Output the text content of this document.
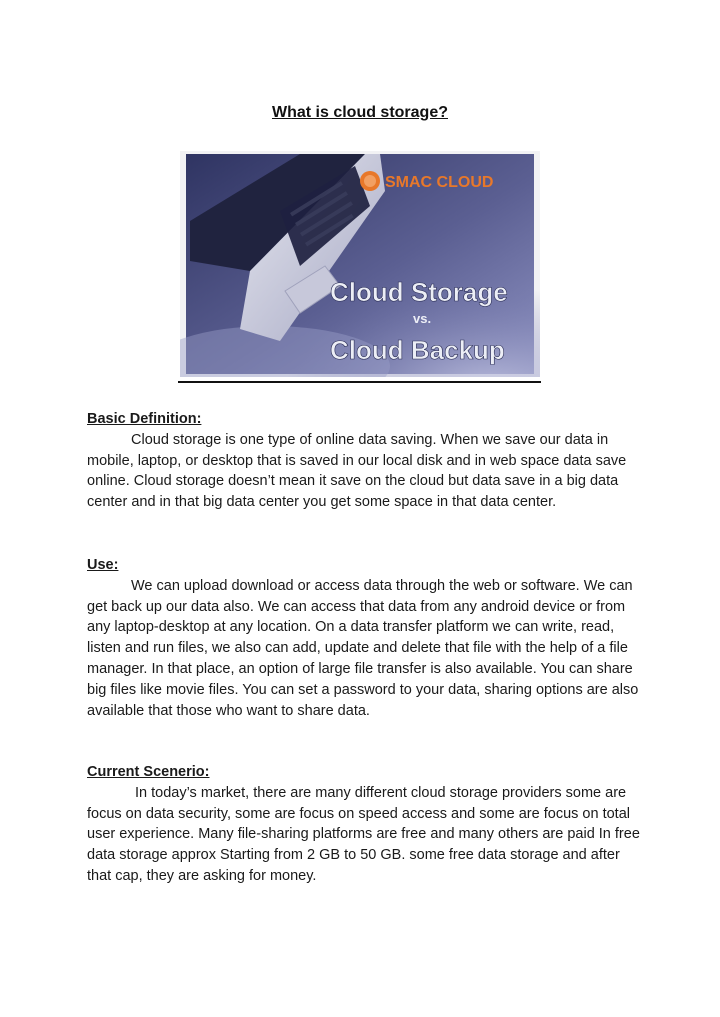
What is cloud storage?
SMAC CLOUD
Cloud Storage
vs.
Cloud Backup

Basic Definition:

Cloud storage is one type of online data saving. When we save our data in mobile, laptop, or desktop that is saved in our local disk and in web space data save online. Cloud storage doesn’t mean it save on the cloud but data save in a big data center and in that big data center you get some space in that data center.

Use:

We can upload download or access data through the web or software. We can get back up our data also. We can access that data from any android device or from any laptop-desktop at any location. On a data transfer platform we can write, read, listen and run files, we also can add, update and delete that file with the help of a file manager. In that place, an option of large file transfer is also available. You can share big files like movie files. You can set a password to your data, sharing options are also available that those who want to share data.

Current Scenerio:

In today’s market, there are many different cloud storage providers some are focus on data security, some are focus on speed access and some are focus on total user experience. Many file-sharing platforms are free and many others are paid In free data storage approx Starting from 2 GB to 50 GB. some free data storage and after that cap, they are asking for money.
